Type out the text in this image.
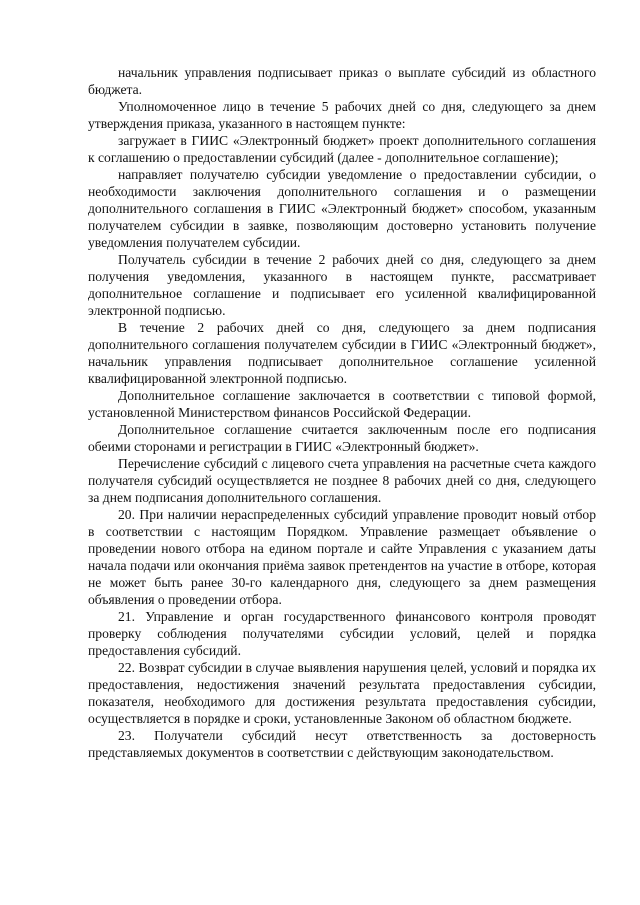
начальник управления подписывает приказ о выплате субсидий из областного бюджета.

Уполномоченное лицо в течение 5 рабочих дней со дня, следующего за днем утверждения приказа, указанного в настоящем пункте:

загружает в ГИИС «Электронный бюджет» проект дополнительного соглашения к соглашению о предоставлении субсидий (далее - дополнительное соглашение);

направляет получателю субсидии уведомление о предоставлении субсидии, о необходимости заключения дополнительного соглашения и о размещении дополнительного соглашения в ГИИС «Электронный бюджет» способом, указанным получателем субсидии в заявке, позволяющим достоверно установить получение уведомления получателем субсидии.

Получатель субсидии в течение 2 рабочих дней со дня, следующего за днем получения уведомления, указанного в настоящем пункте, рассматривает дополнительное соглашение и подписывает его усиленной квалифицированной электронной подписью.

В течение 2 рабочих дней со дня, следующего за днем подписания дополнительного соглашения получателем субсидии в ГИИС «Электронный бюджет», начальник управления подписывает дополнительное соглашение усиленной квалифицированной электронной подписью.

Дополнительное соглашение заключается в соответствии с типовой формой, установленной Министерством финансов Российской Федерации.

Дополнительное соглашение считается заключенным после его подписания обеими сторонами и регистрации в ГИИС «Электронный бюджет».

Перечисление субсидий с лицевого счета управления на расчетные счета каждого получателя субсидий осуществляется не позднее 8 рабочих дней со дня, следующего за днем подписания дополнительного соглашения.

20. При наличии нераспределенных субсидий управление проводит новый отбор в соответствии с настоящим Порядком. Управление размещает объявление о проведении нового отбора на едином портале и сайте Управления с указанием даты начала подачи или окончания приёма заявок претендентов на участие в отборе, которая не может быть ранее 30-го календарного дня, следующего за днем размещения объявления о проведении отбора.

21. Управление и орган государственного финансового контроля проводят проверку соблюдения получателями субсидии условий, целей и порядка предоставления субсидий.

22. Возврат субсидии в случае выявления нарушения целей, условий и порядка их предоставления, недостижения значений результата предоставления субсидии, показателя, необходимого для достижения результата предоставления субсидии, осуществляется в порядке и сроки, установленные Законом об областном бюджете.

23. Получатели субсидий несут ответственность за достоверность представляемых документов в соответствии с действующим законодательством.
